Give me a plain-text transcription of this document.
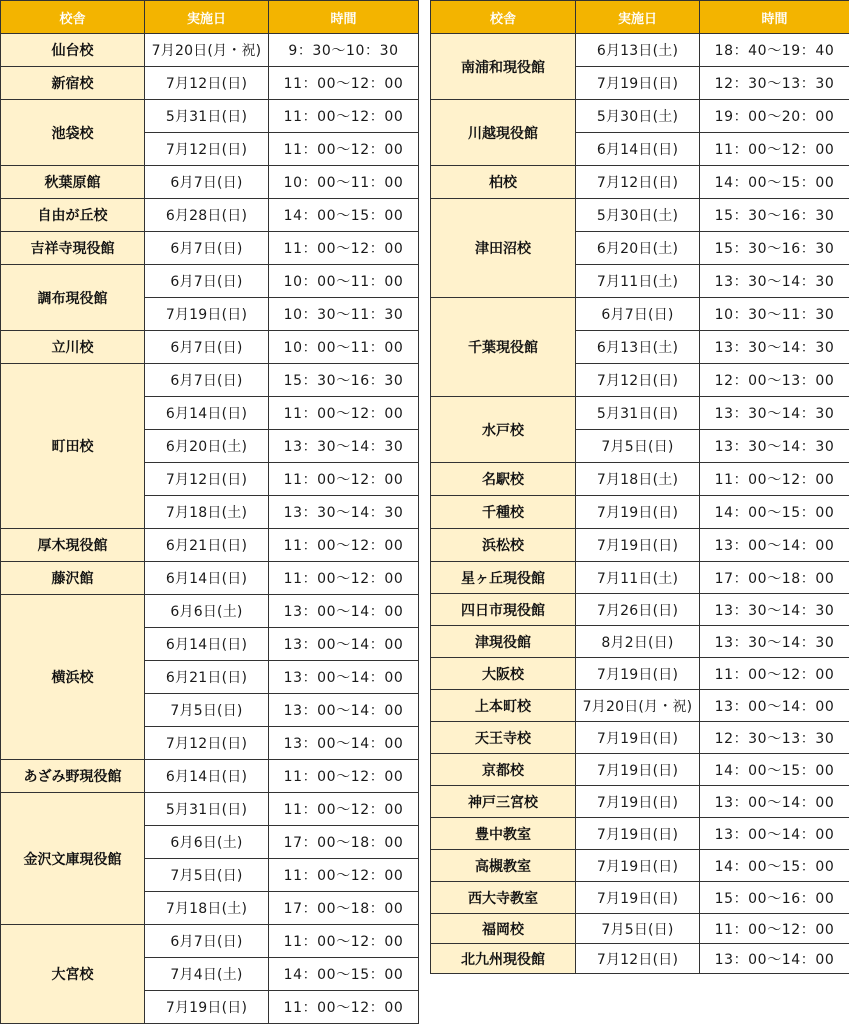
校舎	実施日	時間
仙台校	7月20日(月・祝)	9：30～10：30
新宿校	7月12日(日)	11：00～12：00
池袋校	5月31日(日)	11：00～12：00
	7月12日(日)	11：00～12：00
秋葉原館	6月7日(日)	10：00～11：00
自由が丘校	6月28日(日)	14：00～15：00
吉祥寺現役館	6月7日(日)	11：00～12：00
調布現役館	6月7日(日)	10：00～11：00
	7月19日(日)	10：30～11：30
立川校	6月7日(日)	10：00～11：00
町田校	6月7日(日)	15：30～16：30
	6月14日(日)	11：00～12：00
	6月20日(土)	13：30～14：30
	7月12日(日)	11：00～12：00
	7月18日(土)	13：30～14：30
厚木現役館	6月21日(日)	11：00～12：00
藤沢館	6月14日(日)	11：00～12：00
横浜校	6月6日(土)	13：00～14：00
	6月14日(日)	13：00～14：00
	6月21日(日)	13：00～14：00
	7月5日(日)	13：00～14：00
	7月12日(日)	13：00～14：00
あざみ野現役館	6月14日(日)	11：00～12：00
金沢文庫現役館	5月31日(日)	11：00～12：00
	6月6日(土)	17：00～18：00
	7月5日(日)	11：00～12：00
	7月18日(土)	17：00～18：00
大宮校	6月7日(日)	11：00～12：00
	7月4日(土)	14：00～15：00
	7月19日(日)	11：00～12：00
校舎	実施日	時間
南浦和現役館	6月13日(土)	18：40～19：40
	7月19日(日)	12：30～13：30
川越現役館	5月30日(土)	19：00～20：00
	6月14日(日)	11：00～12：00
柏校	7月12日(日)	14：00～15：00
津田沼校	5月30日(土)	15：30～16：30
	6月20日(土)	15：30～16：30
	7月11日(土)	13：30～14：30
千葉現役館	6月7日(日)	10：30～11：30
	6月13日(土)	13：30～14：30
	7月12日(日)	12：00～13：00
水戸校	5月31日(日)	13：30～14：30
	7月5日(日)	13：30～14：30
名駅校	7月18日(土)	11：00～12：00
千種校	7月19日(日)	14：00～15：00
浜松校	7月19日(日)	13：00～14：00
星ヶ丘現役館	7月11日(土)	17：00～18：00
四日市現役館	7月26日(日)	13：30～14：30
津現役館	8月2日(日)	13：30～14：30
大阪校	7月19日(日)	11：00～12：00
上本町校	7月20日(月・祝)	13：00～14：00
天王寺校	7月19日(日)	12：30～13：30
京都校	7月19日(日)	14：00～15：00
神戸三宮校	7月19日(日)	13：00～14：00
豊中教室	7月19日(日)	13：00～14：00
高槻教室	7月19日(日)	14：00～15：00
西大寺教室	7月19日(日)	15：00～16：00
福岡校	7月5日(日)	11：00～12：00
北九州現役館	7月12日(日)	13：00～14：00
